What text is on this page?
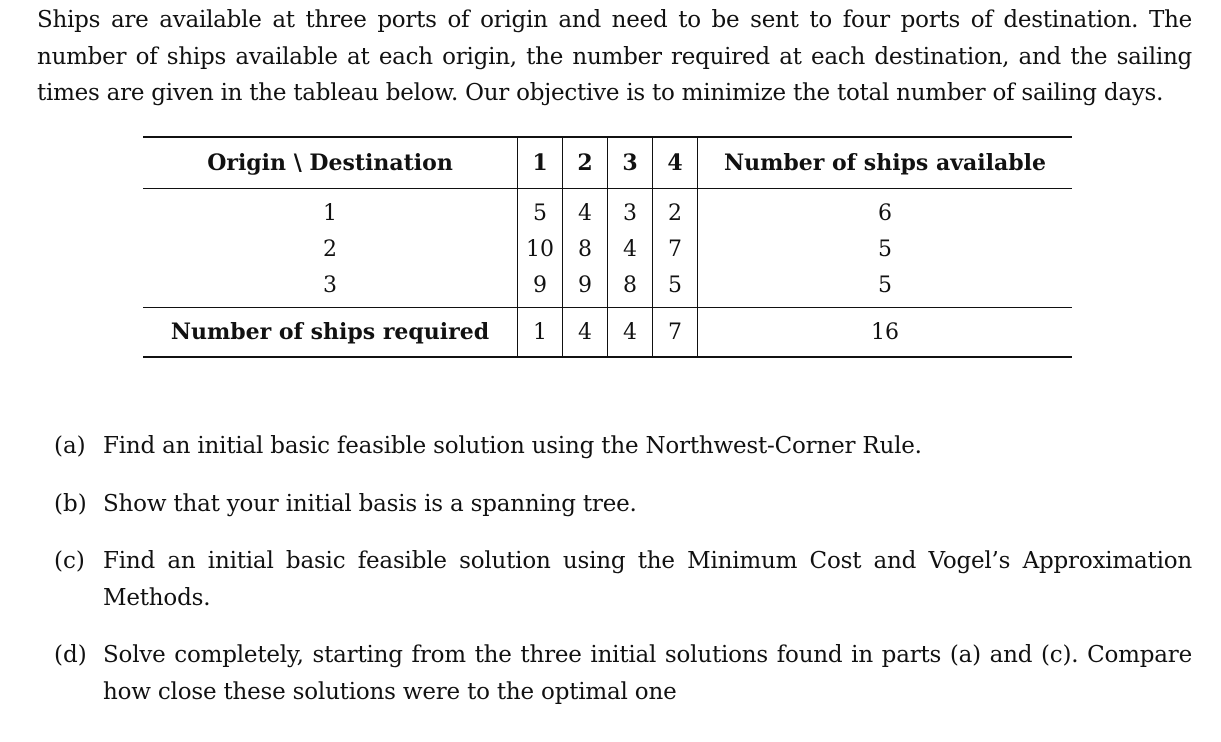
Ships are available at three ports of origin and need to be sent to four ports of destination. The number of ships available at each origin, the number required at each destination, and the sailing times are given in the tableau below. Our objective is to minimize the total number of sailing days.

Origin \ Destination	1	2	3	4	Number of ships available
1	5	4	3	2	6
2	10	8	4	7	5
3	9	9	8	5	5
Number of ships required	1	4	4	7	16
(a) Find an initial basic feasible solution using the Northwest-Corner Rule.
(b) Show that your initial basis is a spanning tree.
(c) Find an initial basic feasible solution using the Minimum Cost and Vogel’s Approximation Methods.
(d) Solve completely, starting from the three initial solutions found in parts (a) and (c). Compare how close these solutions were to the optimal one
